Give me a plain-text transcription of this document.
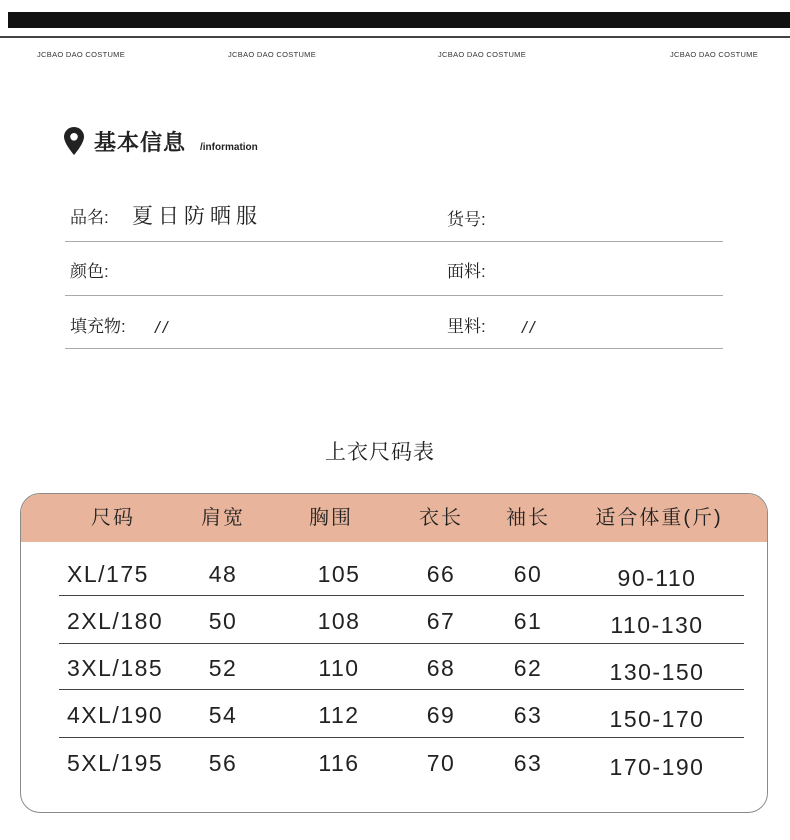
JCBAO DAO COSTUME	JCBAO DAO COSTUME	JCBAO DAO COSTUME	JCBAO DAO COSTUME
基本信息 /information
品名: 夏日防晒服	货号:
颜色:	面料:
填充物: //	里料: //
上衣尺码表
尺码	肩宽	胸围	衣长	袖长	适合体重(斤)
XL/175	48	105	66	60	90-110
2XL/180	50	108	67	61	110-130
3XL/185	52	110	68	62	130-150
4XL/190	54	112	69	63	150-170
5XL/195	56	116	70	63	170-190
